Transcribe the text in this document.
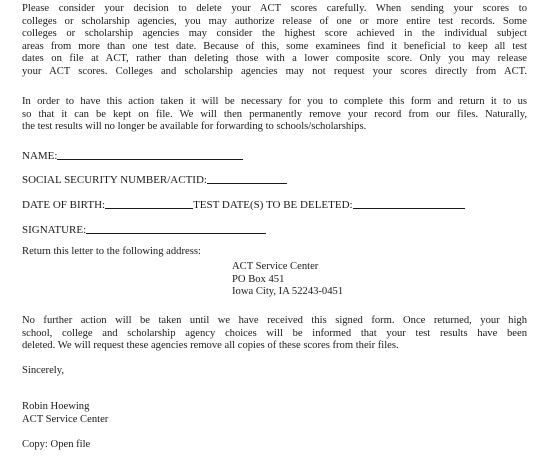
Please consider your decision to delete your ACT scores carefully. When sending your scores to
colleges or scholarship agencies, you may authorize release of one or more entire test records. Some
colleges or scholarship agencies may consider the highest score achieved in the individual subject
areas from more than one test date. Because of this, some examinees find it beneficial to keep all test
dates on file at ACT, rather than deleting those with a lower composite score. Only you may release
your ACT scores. Colleges and scholarship agencies may not request your scores directly from ACT.

In order to have this action taken it will be necessary for you to complete this form and return it to us
so that it can be kept on file. We will then permanently remove your record from our files. Naturally,
the test results will no longer be available for forwarding to schools/scholarships.

NAME:
SOCIAL SECURITY NUMBER/ACTID:
DATE OF BIRTH:	TEST DATE(S) TO BE DELETED:
SIGNATURE:
Return this letter to the following address:
ACT Service Center
PO Box 451
Iowa City, IA 52243-0451

No further action will be taken until we have received this signed form. Once returned, your high
school, college and scholarship agency choices will be informed that your test results have been
deleted. We will request these agencies remove all copies of these scores from their files.

Sincerely,
Robin Hoewing
ACT Service Center
Copy: Open file
